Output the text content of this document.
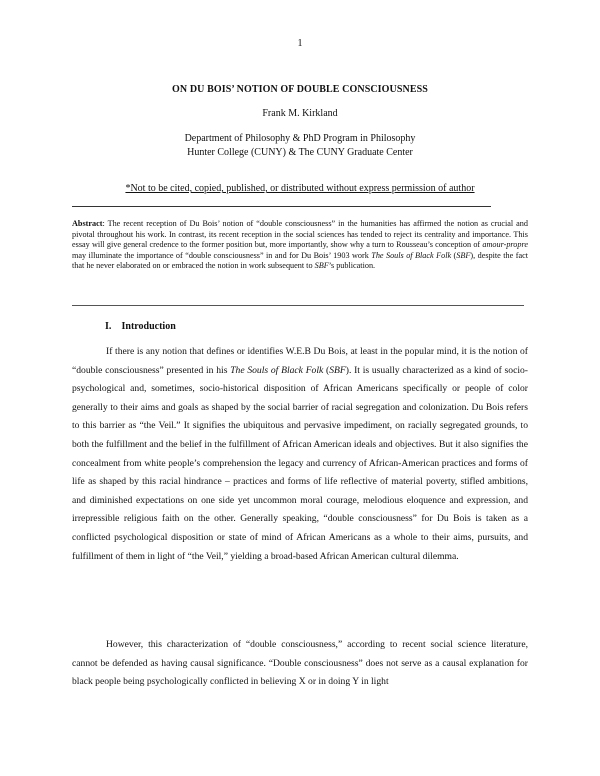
1
ON DU BOIS’ NOTION OF DOUBLE CONSCIOUSNESS
Frank M. Kirkland
Department of Philosophy & PhD Program in Philosophy
Hunter College (CUNY) & The CUNY Graduate Center
*Not to be cited, copied, published, or distributed without express permission of author
Abstract: The recent reception of Du Bois’ notion of “double consciousness” in the humanities has affirmed the notion as crucial and pivotal throughout his work. In contrast, its recent reception in the social sciences has tended to reject its centrality and importance. This essay will give general credence to the former position but, more importantly, show why a turn to Rousseau’s conception of amour-propre may illuminate the importance of “double consciousness” in and for Du Bois’ 1903 work The Souls of Black Folk (SBF), despite the fact that he never elaborated on or embraced the notion in work subsequent to SBF’s publication.
I. Introduction
If there is any notion that defines or identifies W.E.B Du Bois, at least in the popular mind, it is the notion of “double consciousness” presented in his The Souls of Black Folk (SBF). It is usually characterized as a kind of socio-psychological and, sometimes, socio-historical disposition of African Americans specifically or people of color generally to their aims and goals as shaped by the social barrier of racial segregation and colonization. Du Bois refers to this barrier as “the Veil.” It signifies the ubiquitous and pervasive impediment, on racially segregated grounds, to both the fulfillment and the belief in the fulfillment of African American ideals and objectives. But it also signifies the concealment from white people’s comprehension the legacy and currency of African-American practices and forms of life as shaped by this racial hindrance – practices and forms of life reflective of material poverty, stifled ambitions, and diminished expectations on one side yet uncommon moral courage, melodious eloquence and expression, and irrepressible religious faith on the other. Generally speaking, “double consciousness” for Du Bois is taken as a conflicted psychological disposition or state of mind of African Americans as a whole to their aims, pursuits, and fulfillment of them in light of “the Veil,” yielding a broad-based African American cultural dilemma.
However, this characterization of “double consciousness,” according to recent social science literature, cannot be defended as having causal significance. “Double consciousness” does not serve as a causal explanation for black people being psychologically conflicted in believing X or in doing Y in light
